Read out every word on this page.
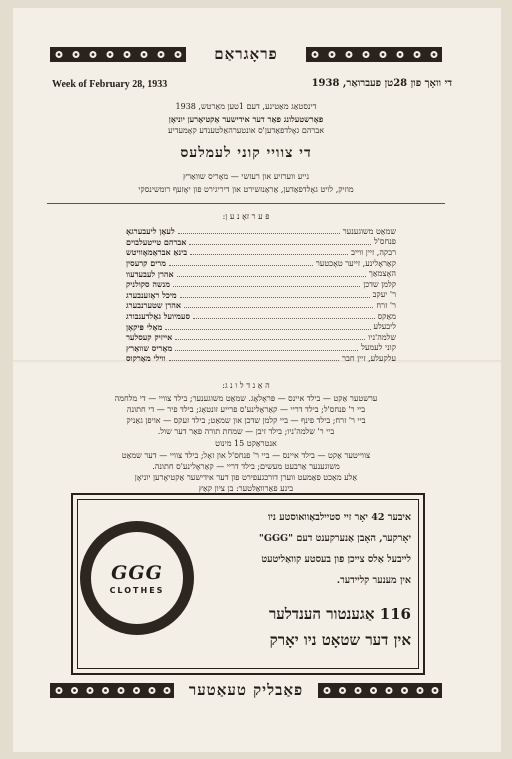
פראָגראַם
Week of February 28, 1933	די וואָך פון 28טן פעברואַר, 1938
דינסטאַג מאַטינע, דעם 1טען מאַרטש, 1938
פאָרשטעלונג פאַר דער אידישער אַקטיאָרען יוניאָן
אברהם גאָלדפאַדען'ס אונטערהאַלטענדע קאָמעדיע
די צוויי קוני לעמלעס
נייע ווערזיע און רעזשי — מאָריס שוואַרץ
מוזיק, לויט גאָלדפאַדען, אַראַנזשירט און דיריגירט פון יאָזעף רומשינסקי
פּ ע ר זאָ נ ע ן:
שמאַט משוגענער
לעאָן ליעבערגאָ
פנחס'ל
אברהם טייטעלבוים
רבקה, זיין ווייב
בינאַ אבראַמאָוויטש
קאַראָלינע, זייער טאָכטער
מרים קרעסין
האָצמאַך
אהרן לעבעדעוו
קלמן שדכן
מנשה סקולניק
ר' יעקב
מיכל ראָזענבערג
ר' זרח
אהרן שטערנבערג
מאַקס
סעמיועל גאָלדענבורג
ליבעלע
מאַלי פּיקאָן
שלמה'ניו
אייזיק קעסלער
קוני לעמעל
מאָריס שוואַרץ
עלקעלע, זיין חבר
ווילי מאַרקוס
ה אַ נ ד ל ו נ ג:
ערשטער אַקט — בילד איינס — פּראָלאָג. שמאַט משוגענער; בילד צוויי — די מלחמה
ביי ר' פנחס'ל; בילד דריי — קאַראָלינע'ס פרייע זונטאָג; בילד פיר — די חתונה
ביי ר' זרח; בילד פינף — ביי קלמן שדכן און שמאַט; בילד זעקס — אויפן גאַניק
ביי ר' שלמה'ניו; בילד זיבן — שמחת תורה פאַר דער שול.
אנטראַקט 15 מינוט
צווייטער אַקט — בילד איינס — ביי ר' פנחס'ל און זאָל; בילד צוויי — דער שמאַט
משוגענער אַרבעט מעשים; בילד דריי — קאַראָלינע'ס חתונה.
אַלע מאַכט פאַמעט ווערן דורכגעפירט פון דער אידישער אַקטיאָרען יוניאָן
בינע פאַרוואַלטער: בן ציון קאַץ
GGG
CLOTHES
איבער 42 יאָר זיי סטיילבאַוואוסטע ניו
יאָרקער, האָבן אַנערקענט דעם "GGG"
לייבעל אַלס צייכן פון בעסטע קוואַליטעט
אין מענער קליידער.
116 אַגענטור הענדלער
אין דער שטאָט ניו יאָרק
פאַבליק טעאַטער
